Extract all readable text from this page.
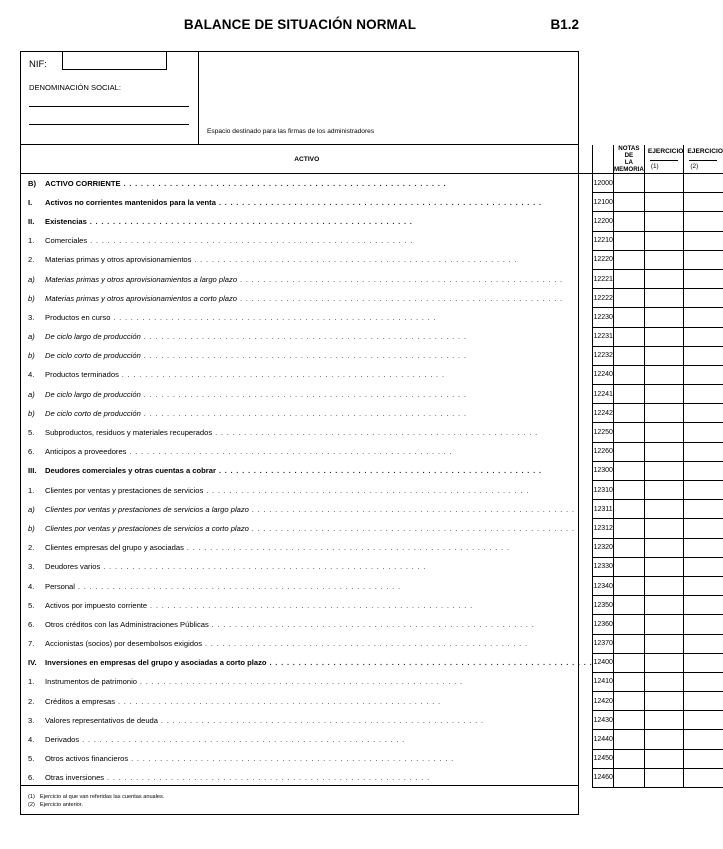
BALANCE DE SITUACIÓN NORMAL	B1.2
NIF:
DENOMINACIÓN SOCIAL:
Espacio destinado para las firmas de los administradores
ACTIVO		NOTAS DE
LA MEMORIA	EJERCICIO(1)	EJERCICIO(2)
B) ACTIVO CORRIENTE . . . . . . . . . . . . . . . . . . . . . . . . . . . . . . . . . . . . . . . . . . . . . . . . . . . . . . . .	12000			
I. Activos no corrientes mantenidos para la venta . . . . . . . . . . . . . . . . . . . . . . . . . . . . . . . . . . . . . . . . . . . . . . . . . . . . . . . .	12100			
II. Existencias . . . . . . . . . . . . . . . . . . . . . . . . . . . . . . . . . . . . . . . . . . . . . . . . . . . . . . . .	12200			
1. Comerciales . . . . . . . . . . . . . . . . . . . . . . . . . . . . . . . . . . . . . . . . . . . . . . . . . . . . . . . .	12210			
2. Materias primas y otros aprovisionamientos . . . . . . . . . . . . . . . . . . . . . . . . . . . . . . . . . . . . . . . . . . . . . . . . . . . . . . . .	12220			
a) Materias primas y otros aprovisionamientos a largo plazo . . . . . . . . . . . . . . . . . . . . . . . . . . . . . . . . . . . . . . . . . . . . . . . . . . . . . . . .	12221			
b) Materias primas y otros aprovisionamientos a corto plazo . . . . . . . . . . . . . . . . . . . . . . . . . . . . . . . . . . . . . . . . . . . . . . . . . . . . . . . .	12222			
3. Productos en curso . . . . . . . . . . . . . . . . . . . . . . . . . . . . . . . . . . . . . . . . . . . . . . . . . . . . . . . .	12230			
a) De ciclo largo de producción . . . . . . . . . . . . . . . . . . . . . . . . . . . . . . . . . . . . . . . . . . . . . . . . . . . . . . . .	12231			
b) De ciclo corto de producción . . . . . . . . . . . . . . . . . . . . . . . . . . . . . . . . . . . . . . . . . . . . . . . . . . . . . . . .	12232			
4. Productos terminados . . . . . . . . . . . . . . . . . . . . . . . . . . . . . . . . . . . . . . . . . . . . . . . . . . . . . . . .	12240			
a) De ciclo largo de producción . . . . . . . . . . . . . . . . . . . . . . . . . . . . . . . . . . . . . . . . . . . . . . . . . . . . . . . .	12241			
b) De ciclo corto de producción . . . . . . . . . . . . . . . . . . . . . . . . . . . . . . . . . . . . . . . . . . . . . . . . . . . . . . . .	12242			
5. Subproductos, residuos y materiales recuperados . . . . . . . . . . . . . . . . . . . . . . . . . . . . . . . . . . . . . . . . . . . . . . . . . . . . . . . .	12250			
6. Anticipos a proveedores . . . . . . . . . . . . . . . . . . . . . . . . . . . . . . . . . . . . . . . . . . . . . . . . . . . . . . . .	12260			
III. Deudores comerciales y otras cuentas a cobrar . . . . . . . . . . . . . . . . . . . . . . . . . . . . . . . . . . . . . . . . . . . . . . . . . . . . . . . .	12300			
1. Clientes por ventas y prestaciones de servicios . . . . . . . . . . . . . . . . . . . . . . . . . . . . . . . . . . . . . . . . . . . . . . . . . . . . . . . .	12310			
a) Clientes por ventas y prestaciones de servicios a largo plazo . . . . . . . . . . . . . . . . . . . . . . . . . . . . . . . . . . . . . . . . . . . . . . . . . . . . . . . .	12311			
b) Clientes por ventas y prestaciones de servicios a corto plazo . . . . . . . . . . . . . . . . . . . . . . . . . . . . . . . . . . . . . . . . . . . . . . . . . . . . . . . .	12312			
2. Clientes empresas del grupo y asociadas . . . . . . . . . . . . . . . . . . . . . . . . . . . . . . . . . . . . . . . . . . . . . . . . . . . . . . . .	12320			
3. Deudores varios . . . . . . . . . . . . . . . . . . . . . . . . . . . . . . . . . . . . . . . . . . . . . . . . . . . . . . . .	12330			
4. Personal . . . . . . . . . . . . . . . . . . . . . . . . . . . . . . . . . . . . . . . . . . . . . . . . . . . . . . . .	12340			
5. Activos por impuesto corriente . . . . . . . . . . . . . . . . . . . . . . . . . . . . . . . . . . . . . . . . . . . . . . . . . . . . . . . .	12350			
6. Otros créditos con las Administraciones Públicas . . . . . . . . . . . . . . . . . . . . . . . . . . . . . . . . . . . . . . . . . . . . . . . . . . . . . . . .	12360			
7. Accionistas (socios) por desembolsos exigidos . . . . . . . . . . . . . . . . . . . . . . . . . . . . . . . . . . . . . . . . . . . . . . . . . . . . . . . .	12370			
IV. Inversiones en empresas del grupo y asociadas a corto plazo . . . . . . . . . . . . . . . . . . . . . . . . . . . . . . . . . . . . . . . . . . . . . . . . . . . . . . . .	12400			
1. Instrumentos de patrimonio . . . . . . . . . . . . . . . . . . . . . . . . . . . . . . . . . . . . . . . . . . . . . . . . . . . . . . . .	12410			
2. Créditos a empresas . . . . . . . . . . . . . . . . . . . . . . . . . . . . . . . . . . . . . . . . . . . . . . . . . . . . . . . .	12420			
3. Valores representativos de deuda . . . . . . . . . . . . . . . . . . . . . . . . . . . . . . . . . . . . . . . . . . . . . . . . . . . . . . . .	12430			
4. Derivados . . . . . . . . . . . . . . . . . . . . . . . . . . . . . . . . . . . . . . . . . . . . . . . . . . . . . . . .	12440			
5. Otros activos financieros . . . . . . . . . . . . . . . . . . . . . . . . . . . . . . . . . . . . . . . . . . . . . . . . . . . . . . . .	12450			
6. Otras inversiones . . . . . . . . . . . . . . . . . . . . . . . . . . . . . . . . . . . . . . . . . . . . . . . . . . . . . . . .	12460			
(1) Ejercicio al que van referidas las cuentas anuales.
(2) Ejercicio anterior.
